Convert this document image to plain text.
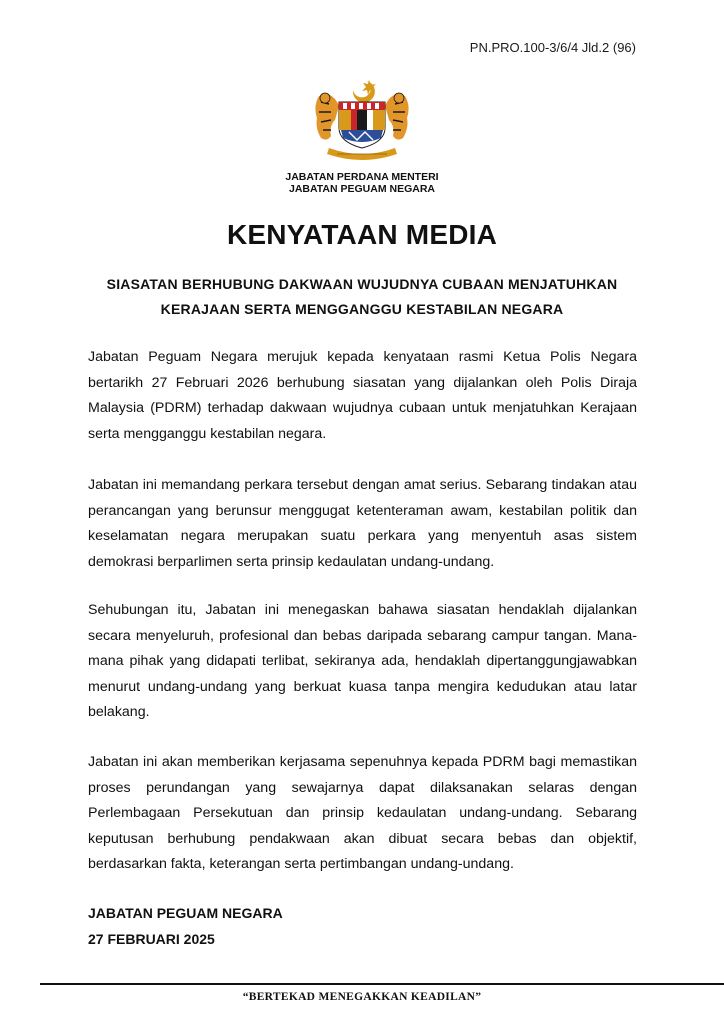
PN.PRO.100-3/6/4 Jld.2 (96)
JABATAN PERDANA MENTERI
JABATAN PEGUAM NEGARA
KENYATAAN MEDIA
SIASATAN BERHUBUNG DAKWAAN WUJUDNYA CUBAAN MENJATUHKAN
KERAJAAN SERTA MENGGANGGU KESTABILAN NEGARA

Jabatan Peguam Negara merujuk kepada kenyataan rasmi Ketua Polis Negara bertarikh 27 Februari 2026 berhubung siasatan yang dijalankan oleh Polis Diraja Malaysia (PDRM) terhadap dakwaan wujudnya cubaan untuk menjatuhkan Kerajaan serta mengganggu kestabilan negara.

Jabatan ini memandang perkara tersebut dengan amat serius. Sebarang tindakan atau perancangan yang berunsur menggugat ketenteraman awam, kestabilan politik dan keselamatan negara merupakan suatu perkara yang menyentuh asas sistem demokrasi berparlimen serta prinsip kedaulatan undang-undang.

Sehubungan itu, Jabatan ini menegaskan bahawa siasatan hendaklah dijalankan secara menyeluruh, profesional dan bebas daripada sebarang campur tangan. Mana-mana pihak yang didapati terlibat, sekiranya ada, hendaklah dipertanggungjawabkan menurut undang-undang yang berkuat kuasa tanpa mengira kedudukan atau latar belakang.

Jabatan ini akan memberikan kerjasama sepenuhnya kepada PDRM bagi memastikan proses perundangan yang sewajarnya dapat dilaksanakan selaras dengan Perlembagaan Persekutuan dan prinsip kedaulatan undang-undang. Sebarang keputusan berhubung pendakwaan akan dibuat secara bebas dan objektif, berdasarkan fakta, keterangan serta pertimbangan undang-undang.

JABATAN PEGUAM NEGARA
27 FEBRUARI 2025
“BERTEKAD MENEGAKKAN KEADILAN”
